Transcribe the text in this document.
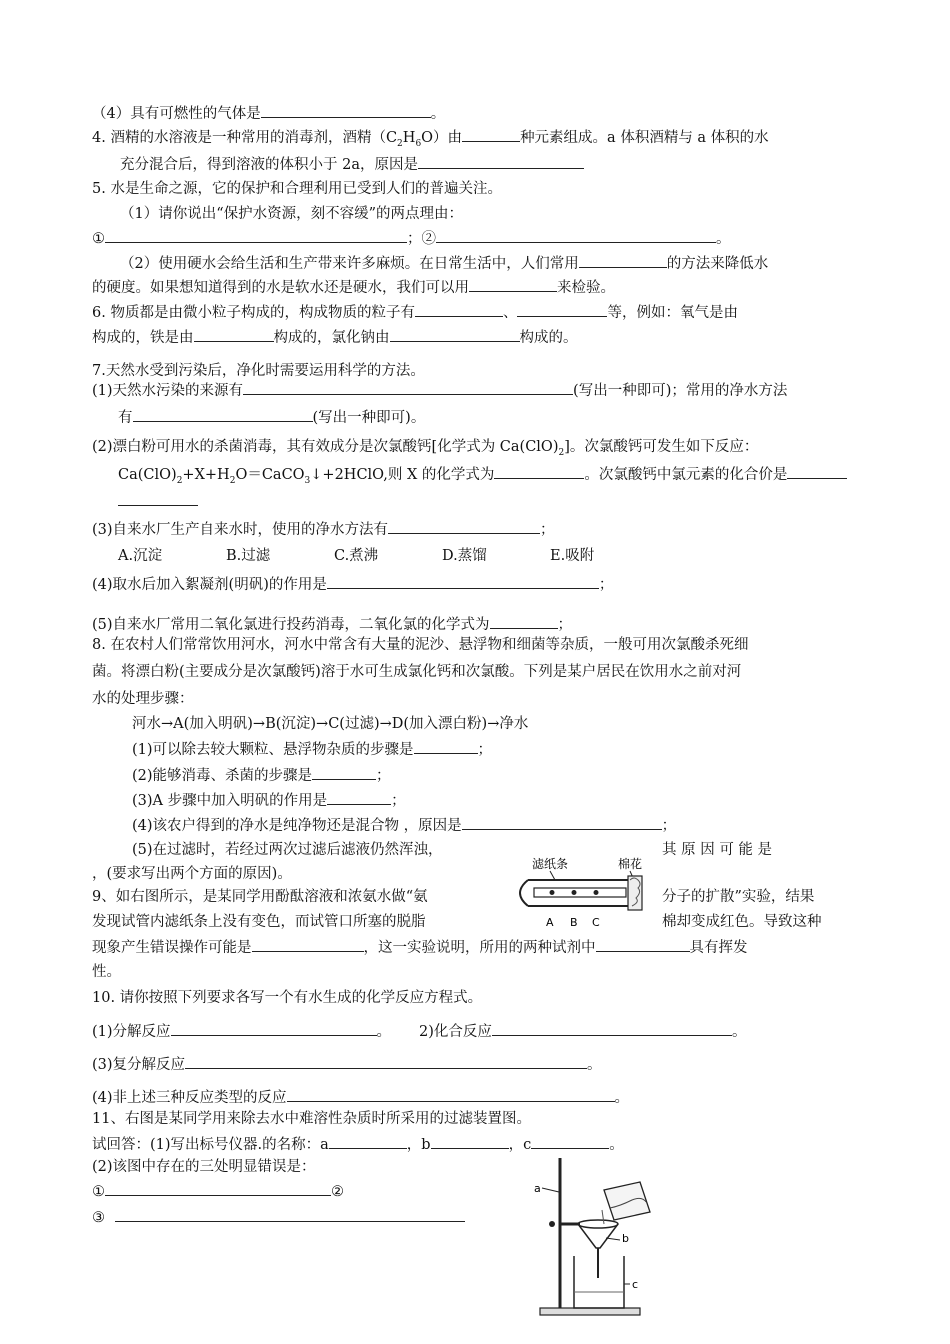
（4）具有可燃性的气体是	。
4. 酒精的水溶液是一种常用的消毒剂，酒精$(C_2H_6O)$由	种元素组成。a 体积酒精与 a 体积的水
充分混合后，得到溶液的体积小于 2a，原因是
5. 水是生命之源，它的保护和合理利用已受到人们的普遍关注。
（1）请你说出“保护水资源，刻不容缓”的两点理由：
①	；②	。
（2）使用硬水会给生活和生产带来许多麻烦。在日常生活中，人们常用	的方法来降低水
的硬度。如果想知道得到的水是软水还是硬水，我们可以用	来检验。
6. 物质都是由微小粒子构成的，构成物质的粒子有	、	等，例如：氧气是由
构成的，铁是由	构成的，氯化钠由	构成的。
7.天然水受到污染后，净化时需要运用科学的方法。
(1)天然水污染的来源有	(写出一种即可)；常用的净水方法
有	(写出一种即可)。
(2)漂白粉可用水的杀菌消毒，其有效成分是次氯酸钙[化学式为 $Ca(ClO)_2$]。次氯酸钙可发生如下反应：
$Ca(ClO)_2+X+H_2O=CaCO_3↓+2HClO$,则 X 的化学式为	。次氯酸钙中氯元素的化合价是
(3)自来水厂生产自来水时，使用的净水方法有	；
A.沉淀	B.过滤	C.煮沸	D.蒸馏	E.吸附
(4)取水后加入絮凝剂(明矾)的作用是	；
(5)自来水厂常用二氧化氯进行投药消毒，二氧化氯的化学式为	；
8. 在农村人们常常饮用河水，河水中常含有大量的泥沙、悬浮物和细菌等杂质，一般可用次氯酸杀死细
菌。将漂白粉(主要成分是次氯酸钙)溶于水可生成氯化钙和次氯酸。下列是某户居民在饮用水之前对河
水的处理步骤：
河水→A(加入明矾)→B(沉淀)→C(过滤)→D(加入漂白粉)→净水
(1)可以除去较大颗粒、悬浮物杂质的步骤是	；
(2)能够消毒、杀菌的步骤是	；
(3)A 步骤中加入明矾的作用是	；
(4)该农户得到的净水是纯净物还是混合物 ，原因是	；
(5)在过滤时，若经过两次过滤后滤液仍然浑浊，	其 原 因 可 能 是
，(要求写出两个方面的原因)。
9、如右图所示，是某同学用酚酞溶液和浓氨水做“氨	分子的扩散”实验，结果
发现试管内滤纸条上没有变色，而试管口所塞的脱脂	棉却变成红色。导致这种
现象产生错误操作可能是	，这一实验说明，所用的两种试剂中	具有挥发
性。
滤纸条	棉花
A B C
10. 请你按照下列要求各写一个有水生成的化学反应方程式。
(1)分解反应	。 2)化合反应	。
(3)复分解反应	。
(4)非上述三种反应类型的反应	。
11、右图是某同学用来除去水中难溶性杂质时所采用的过滤装置图。
试回答：(1)写出标号仪器.的名称：a	，b	，c	。
(2)该图中存在的三处明显错误是：
①	②
③
a
b
c
